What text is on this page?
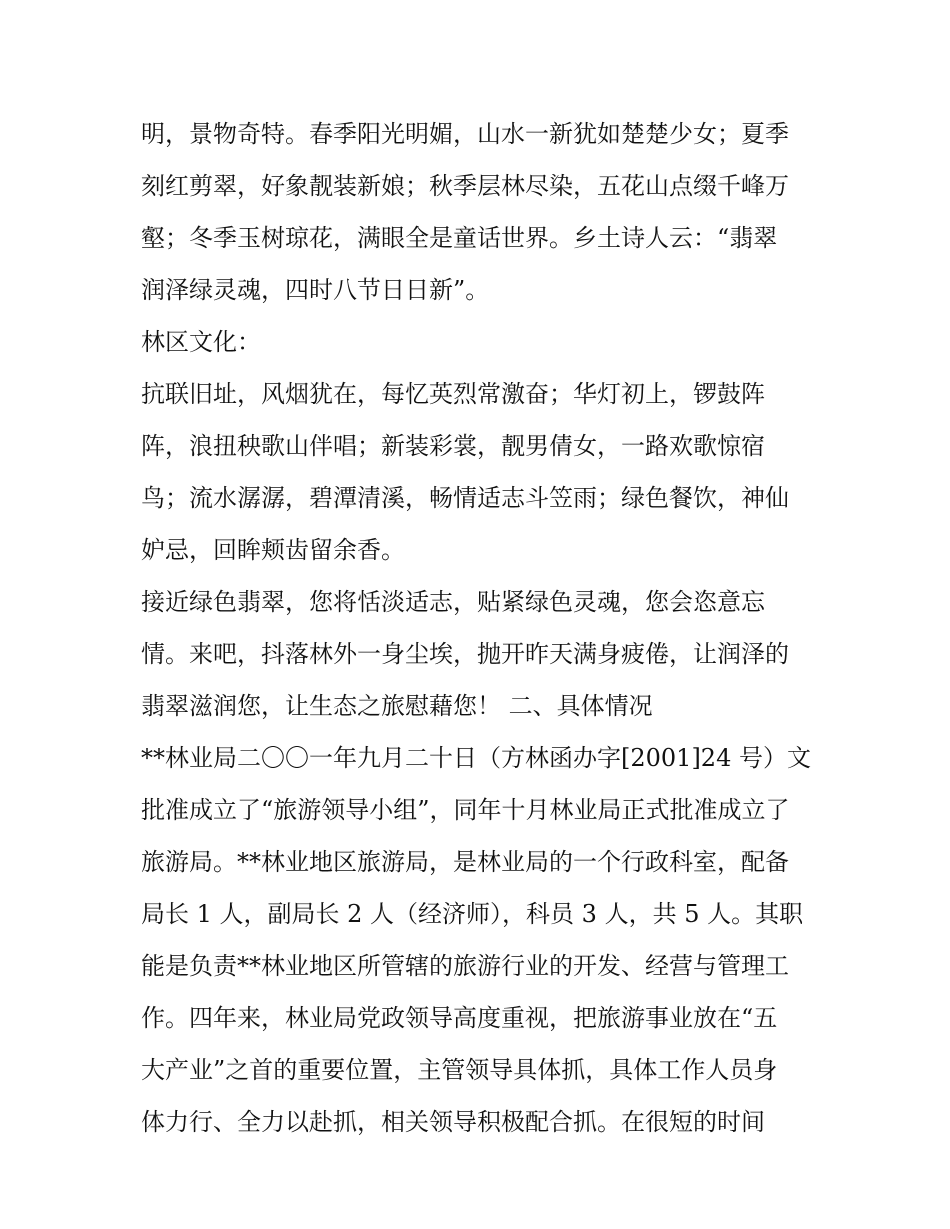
明，景物奇特。春季阳光明媚，山水一新犹如楚楚少女；夏季
刻红剪翠，好象靓装新娘；秋季层林尽染，五花山点缀千峰万
壑；冬季玉树琼花，满眼全是童话世界。乡土诗人云：“翡翠
润泽绿灵魂，四时八节日日新”。
林区文化：
抗联旧址，风烟犹在，每忆英烈常激奋；华灯初上，锣鼓阵
阵，浪扭秧歌山伴唱；新装彩裳，靓男倩女，一路欢歌惊宿
鸟；流水潺潺，碧潭清溪，畅情适志斗笠雨；绿色餐饮，神仙
妒忌，回眸颊齿留余香。
接近绿色翡翠，您将恬淡适志，贴紧绿色灵魂，您会恣意忘
情。来吧，抖落林外一身尘埃，抛开昨天满身疲倦，让润泽的
翡翠滋润您，让生态之旅慰藉您！ 二、具体情况
**林业局二〇〇一年九月二十日（方林函办字[2001]24 号）文
批准成立了“旅游领导小组”，同年十月林业局正式批准成立了
旅游局。**林业地区旅游局，是林业局的一个行政科室，配备
局长 1 人，副局长 2 人（经济师），科员 3 人，共 5 人。其职
能是负责**林业地区所管辖的旅游行业的开发、经营与管理工
作。四年来，林业局党政领导高度重视，把旅游事业放在“五
大产业”之首的重要位置，主管领导具体抓，具体工作人员身
体力行、全力以赴抓，相关领导积极配合抓。在很短的时间
